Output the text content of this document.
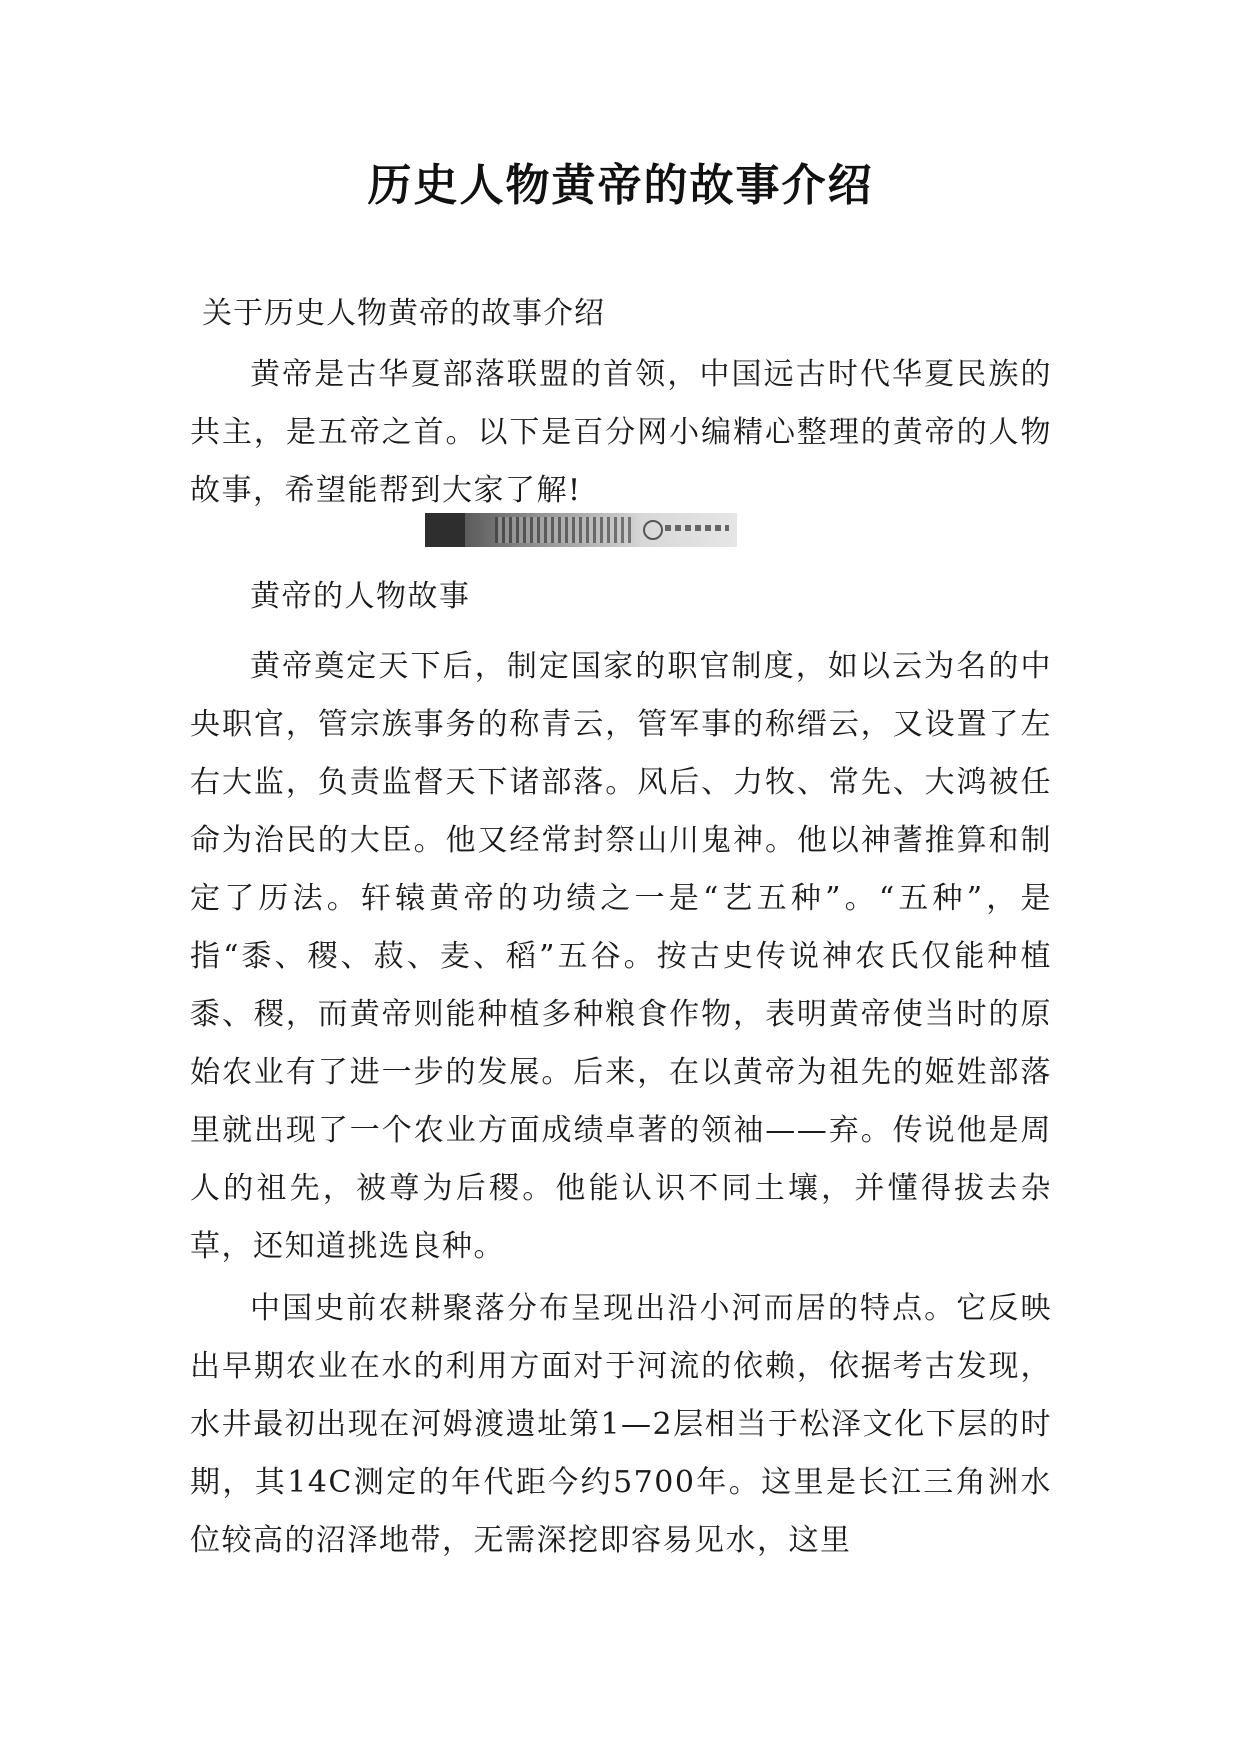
历史人物黄帝的故事介绍
关于历史人物黄帝的故事介绍

黄帝是古华夏部落联盟的首领，中国远古时代华夏民族的共主，是五帝之首。以下是百分网小编精心整理的黄帝的人物故事，希望能帮到大家了解!

黄帝的人物故事

黄帝奠定天下后，制定国家的职官制度，如以云为名的中央职官，管宗族事务的称青云，管军事的称缙云，又设置了左右大监，负责监督天下诸部落。风后、力牧、常先、大鸿被任命为治民的大臣。他又经常封祭山川鬼神。他以神蓍推算和制定了历法。轩辕黄帝的功绩之一是“艺五种”。“五种”，是指“黍、稷、菽、麦、稻”五谷。按古史传说神农氏仅能种植黍、稷，而黄帝则能种植多种粮食作物，表明黄帝使当时的原始农业有了进一步的发展。后来，在以黄帝为祖先的姬姓部落里就出现了一个农业方面成绩卓著的领袖——弃。传说他是周人的祖先，被尊为后稷。他能认识不同土壤，并懂得拔去杂草，还知道挑选良种。

中国史前农耕聚落分布呈现出沿小河而居的特点。它反映出早期农业在水的利用方面对于河流的依赖，依据考古发现，水井最初出现在河姆渡遗址第1—2层相当于松泽文化下层的时期，其14C测定的年代距今约5700年。这里是长江三角洲水位较高的沼泽地带，无需深挖即容易见水，这里
